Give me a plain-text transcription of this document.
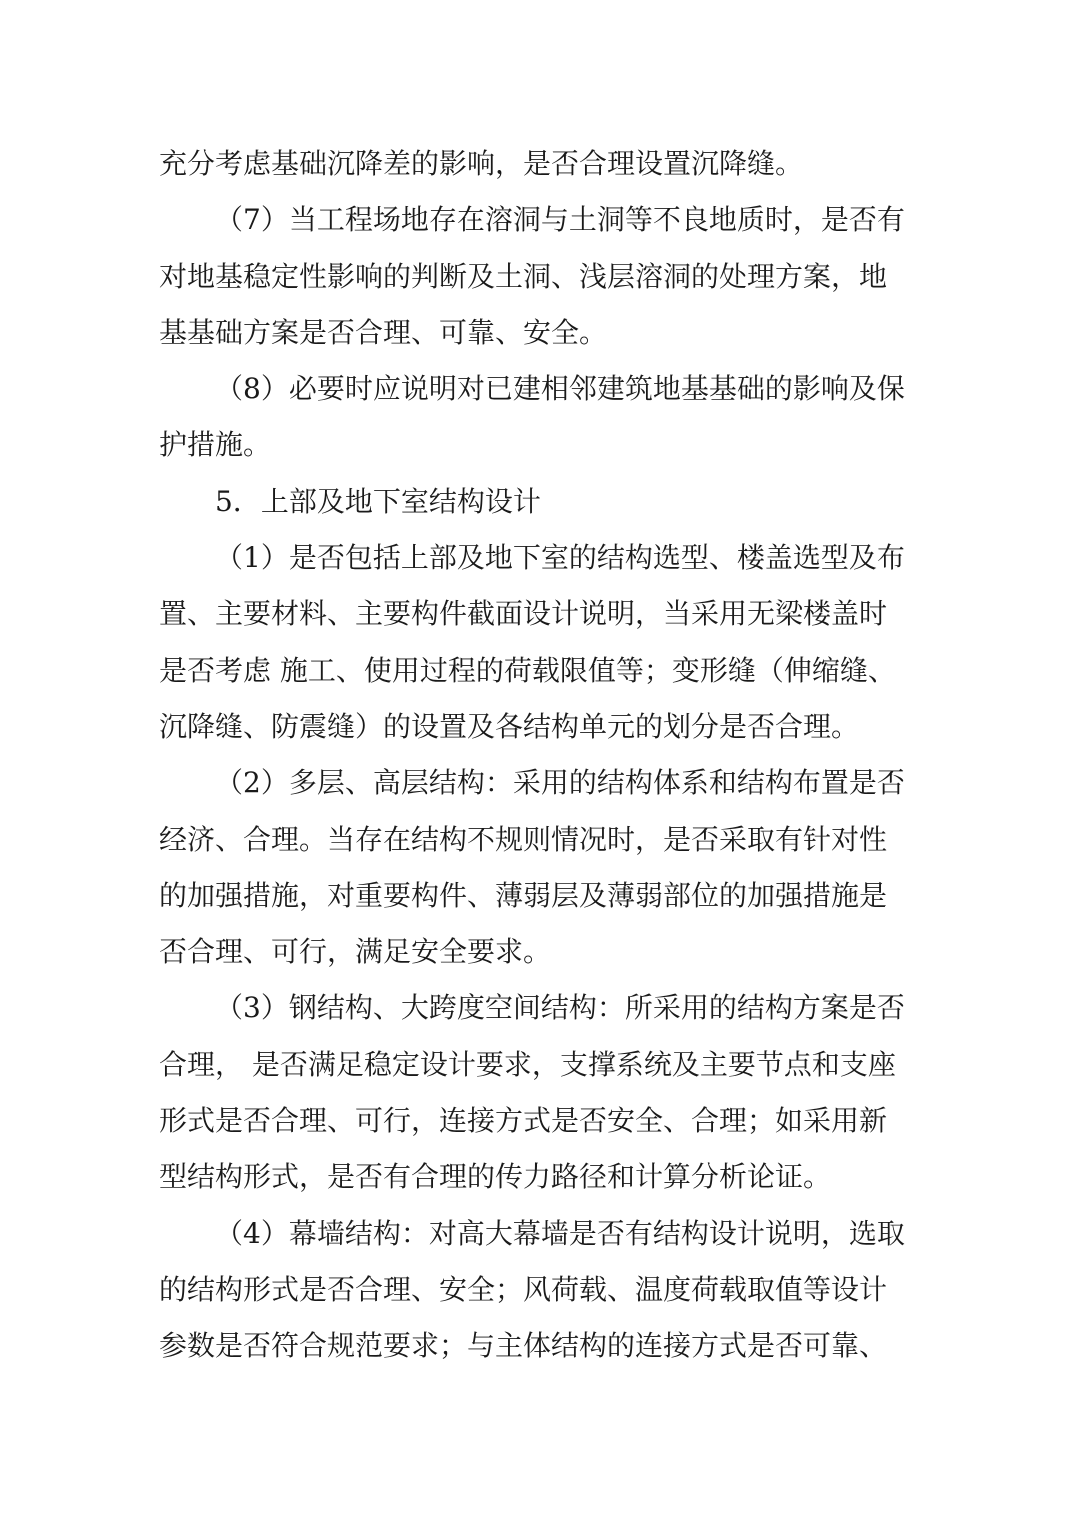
充分考虑基础沉降差的影响，是否合理设置沉降缝。
（7）当工程场地存在溶洞与土洞等不良地质时，是否有
对地基稳定性影响的判断及土洞、浅层溶洞的处理方案，地
基基础方案是否合理、可靠、安全。
（8）必要时应说明对已建相邻建筑地基基础的影响及保
护措施。
5．上部及地下室结构设计
（1）是否包括上部及地下室的结构选型、楼盖选型及布
置、主要材料、主要构件截面设计说明，当采用无梁楼盖时
是否考虑 施工、使用过程的荷载限值等；变形缝（伸缩缝、
沉降缝、防震缝）的设置及各结构单元的划分是否合理。
（2）多层、高层结构：采用的结构体系和结构布置是否
经济、合理。当存在结构不规则情况时，是否采取有针对性
的加强措施，对重要构件、薄弱层及薄弱部位的加强措施是
否合理、可行，满足安全要求。
（3）钢结构、大跨度空间结构：所采用的结构方案是否
合理， 是否满足稳定设计要求，支撑系统及主要节点和支座
形式是否合理、可行，连接方式是否安全、合理；如采用新
型结构形式，是否有合理的传力路径和计算分析论证。
（4）幕墙结构：对高大幕墙是否有结构设计说明，选取
的结构形式是否合理、安全；风荷载、温度荷载取值等设计
参数是否符合规范要求；与主体结构的连接方式是否可靠、
